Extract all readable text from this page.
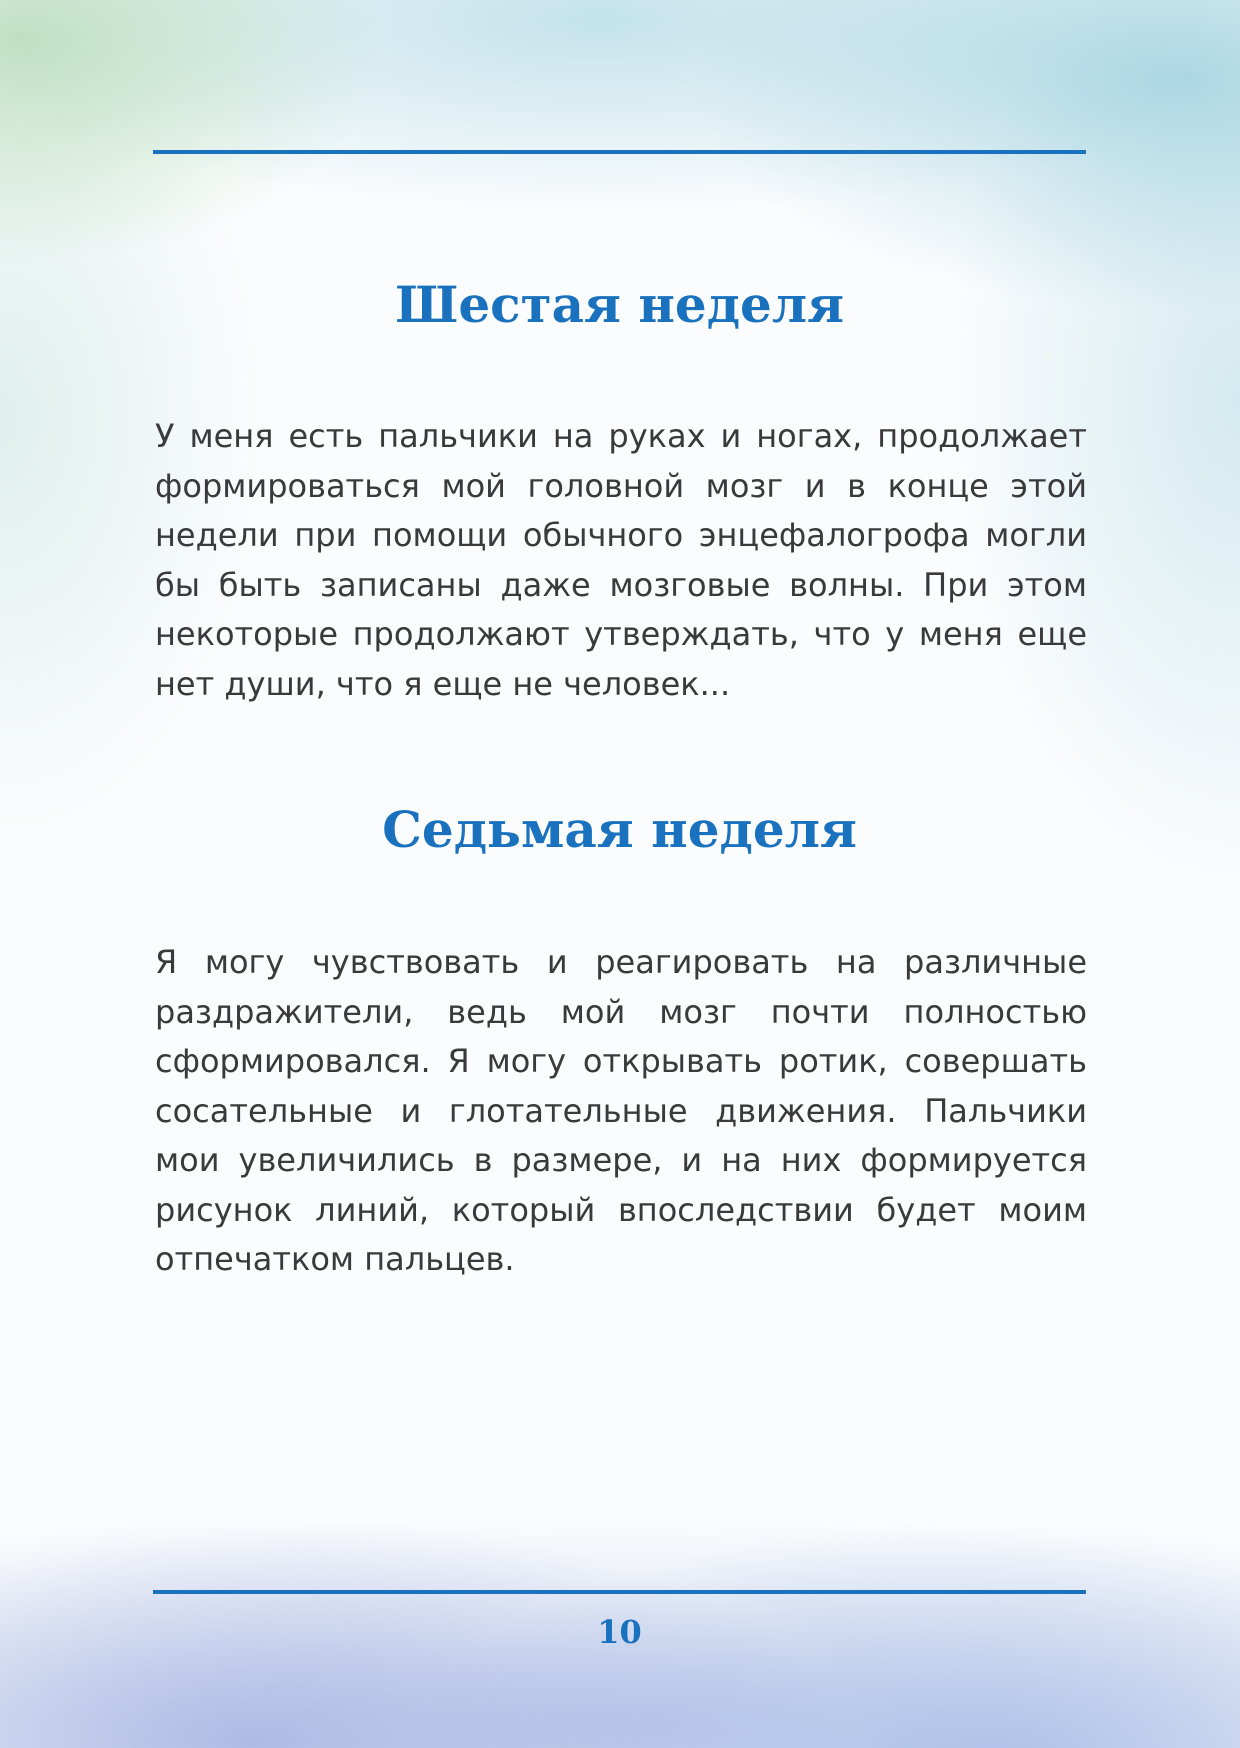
Шестая неделя

У меня есть пальчики на руках и ногах, продолжает формироваться мой головной мозг и в конце этой недели при помощи обычного энцефалогрофа могли бы быть записаны даже мозговые волны. При этом некоторые продолжают утверждать, что у меня еще нет души, что я еще не человек...

Седьмая неделя

Я могу чувствовать и реагировать на различные раздражители, ведь мой мозг почти полностью сформировался. Я могу открывать ротик, совершать сосательные и глотательные движения. Пальчики мои увеличились в размере, и на них формируется рисунок линий, который впоследствии будет моим отпечатком пальцев.

10
